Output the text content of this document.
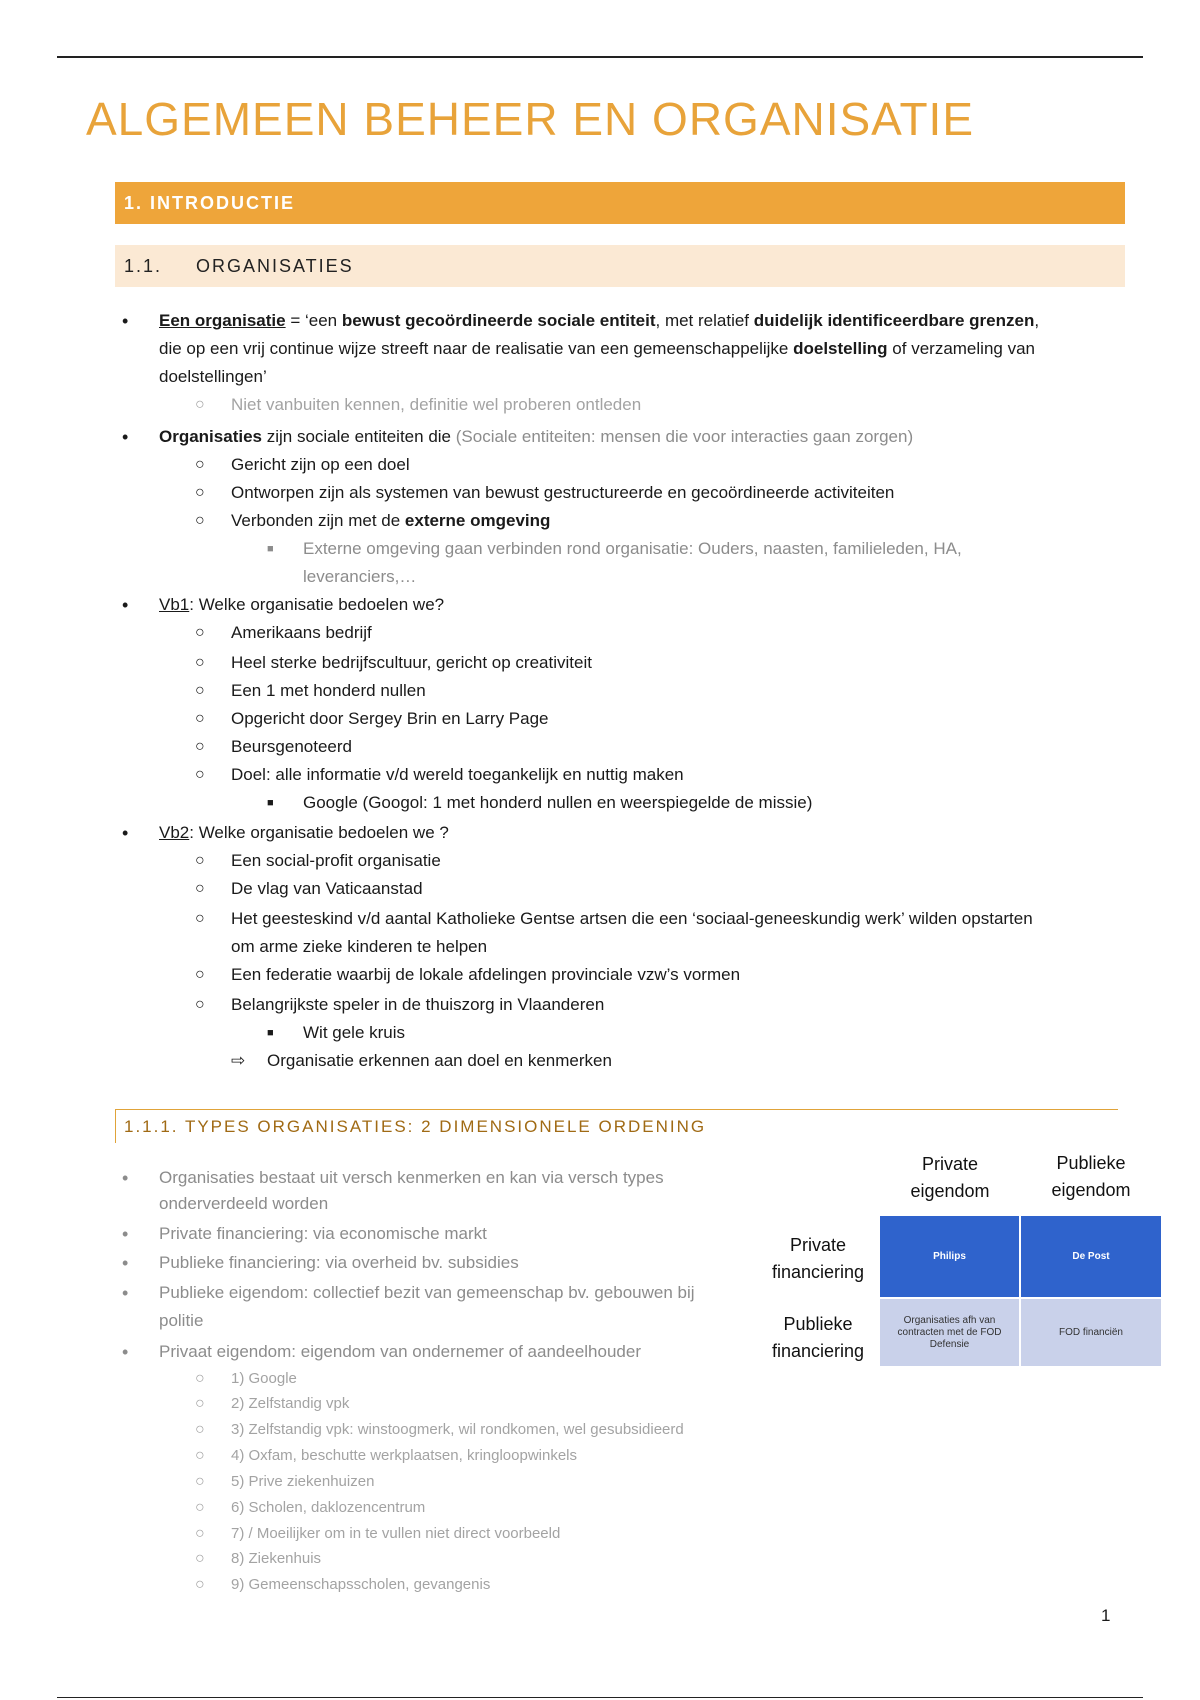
ALGEMEEN BEHEER EN ORGANISATIE
1. INTRODUCTIE
1.1. ORGANISATIES
• Een organisatie = ‘een bewust gecoördineerde sociale entiteit, met relatief duidelijk identificeerdbare grenzen,
die op een vrij continue wijze streeft naar de realisatie van een gemeenschappelijke doelstelling of verzameling van
doelstellingen’
○ Niet vanbuiten kennen, definitie wel proberen ontleden
• Organisaties zijn sociale entiteiten die (Sociale entiteiten: mensen die voor interacties gaan zorgen)
○ Gericht zijn op een doel
○ Ontworpen zijn als systemen van bewust gestructureerde en gecoördineerde activiteiten
○ Verbonden zijn met de externe omgeving
■ Externe omgeving gaan verbinden rond organisatie: Ouders, naasten, familieleden, HA,
leveranciers,…
• Vb1: Welke organisatie bedoelen we?
○ Amerikaans bedrijf
○ Heel sterke bedrijfscultuur, gericht op creativiteit
○ Een 1 met honderd nullen
○ Opgericht door Sergey Brin en Larry Page
○ Beursgenoteerd
○ Doel: alle informatie v/d wereld toegankelijk en nuttig maken
■ Google (Googol: 1 met honderd nullen en weerspiegelde de missie)
• Vb2: Welke organisatie bedoelen we ?
○ Een social-profit organisatie
○ De vlag van Vaticaanstad
○ Het geesteskind v/d aantal Katholieke Gentse artsen die een ‘sociaal-geneeskundig werk’ wilden opstarten
om arme zieke kinderen te helpen
○ Een federatie waarbij de lokale afdelingen provinciale vzw’s vormen
○ Belangrijkste speler in de thuiszorg in Vlaanderen
■ Wit gele kruis
⇨ Organisatie erkennen aan doel en kenmerken
1.1.1. TYPES ORGANISATIES: 2 DIMENSIONELE ORDENING
• Organisaties bestaat uit versch kenmerken en kan via versch types
onderverdeeld worden
• Private financiering: via economische markt
• Publieke financiering: via overheid bv. subsidies
• Publieke eigendom: collectief bezit van gemeenschap bv. gebouwen bij
politie
• Privaat eigendom: eigendom van ondernemer of aandeelhouder
○ 1) Google
○ 2) Zelfstandig vpk
○ 3) Zelfstandig vpk: winstoogmerk, wil rondkomen, wel gesubsidieerd
○ 4) Oxfam, beschutte werkplaatsen, kringloopwinkels
○ 5) Prive ziekenhuizen
○ 6) Scholen, daklozencentrum
○ 7) / Moeilijker om in te vullen niet direct voorbeeld
○ 8) Ziekenhuis
○ 9) Gemeenschapsscholen, gevangenis
Private
eigendom
Publieke
eigendom
Private
financiering
Publieke
financiering
Philips	De Post
Organisaties afh van contracten met de FOD Defensie
FOD financiën
1
